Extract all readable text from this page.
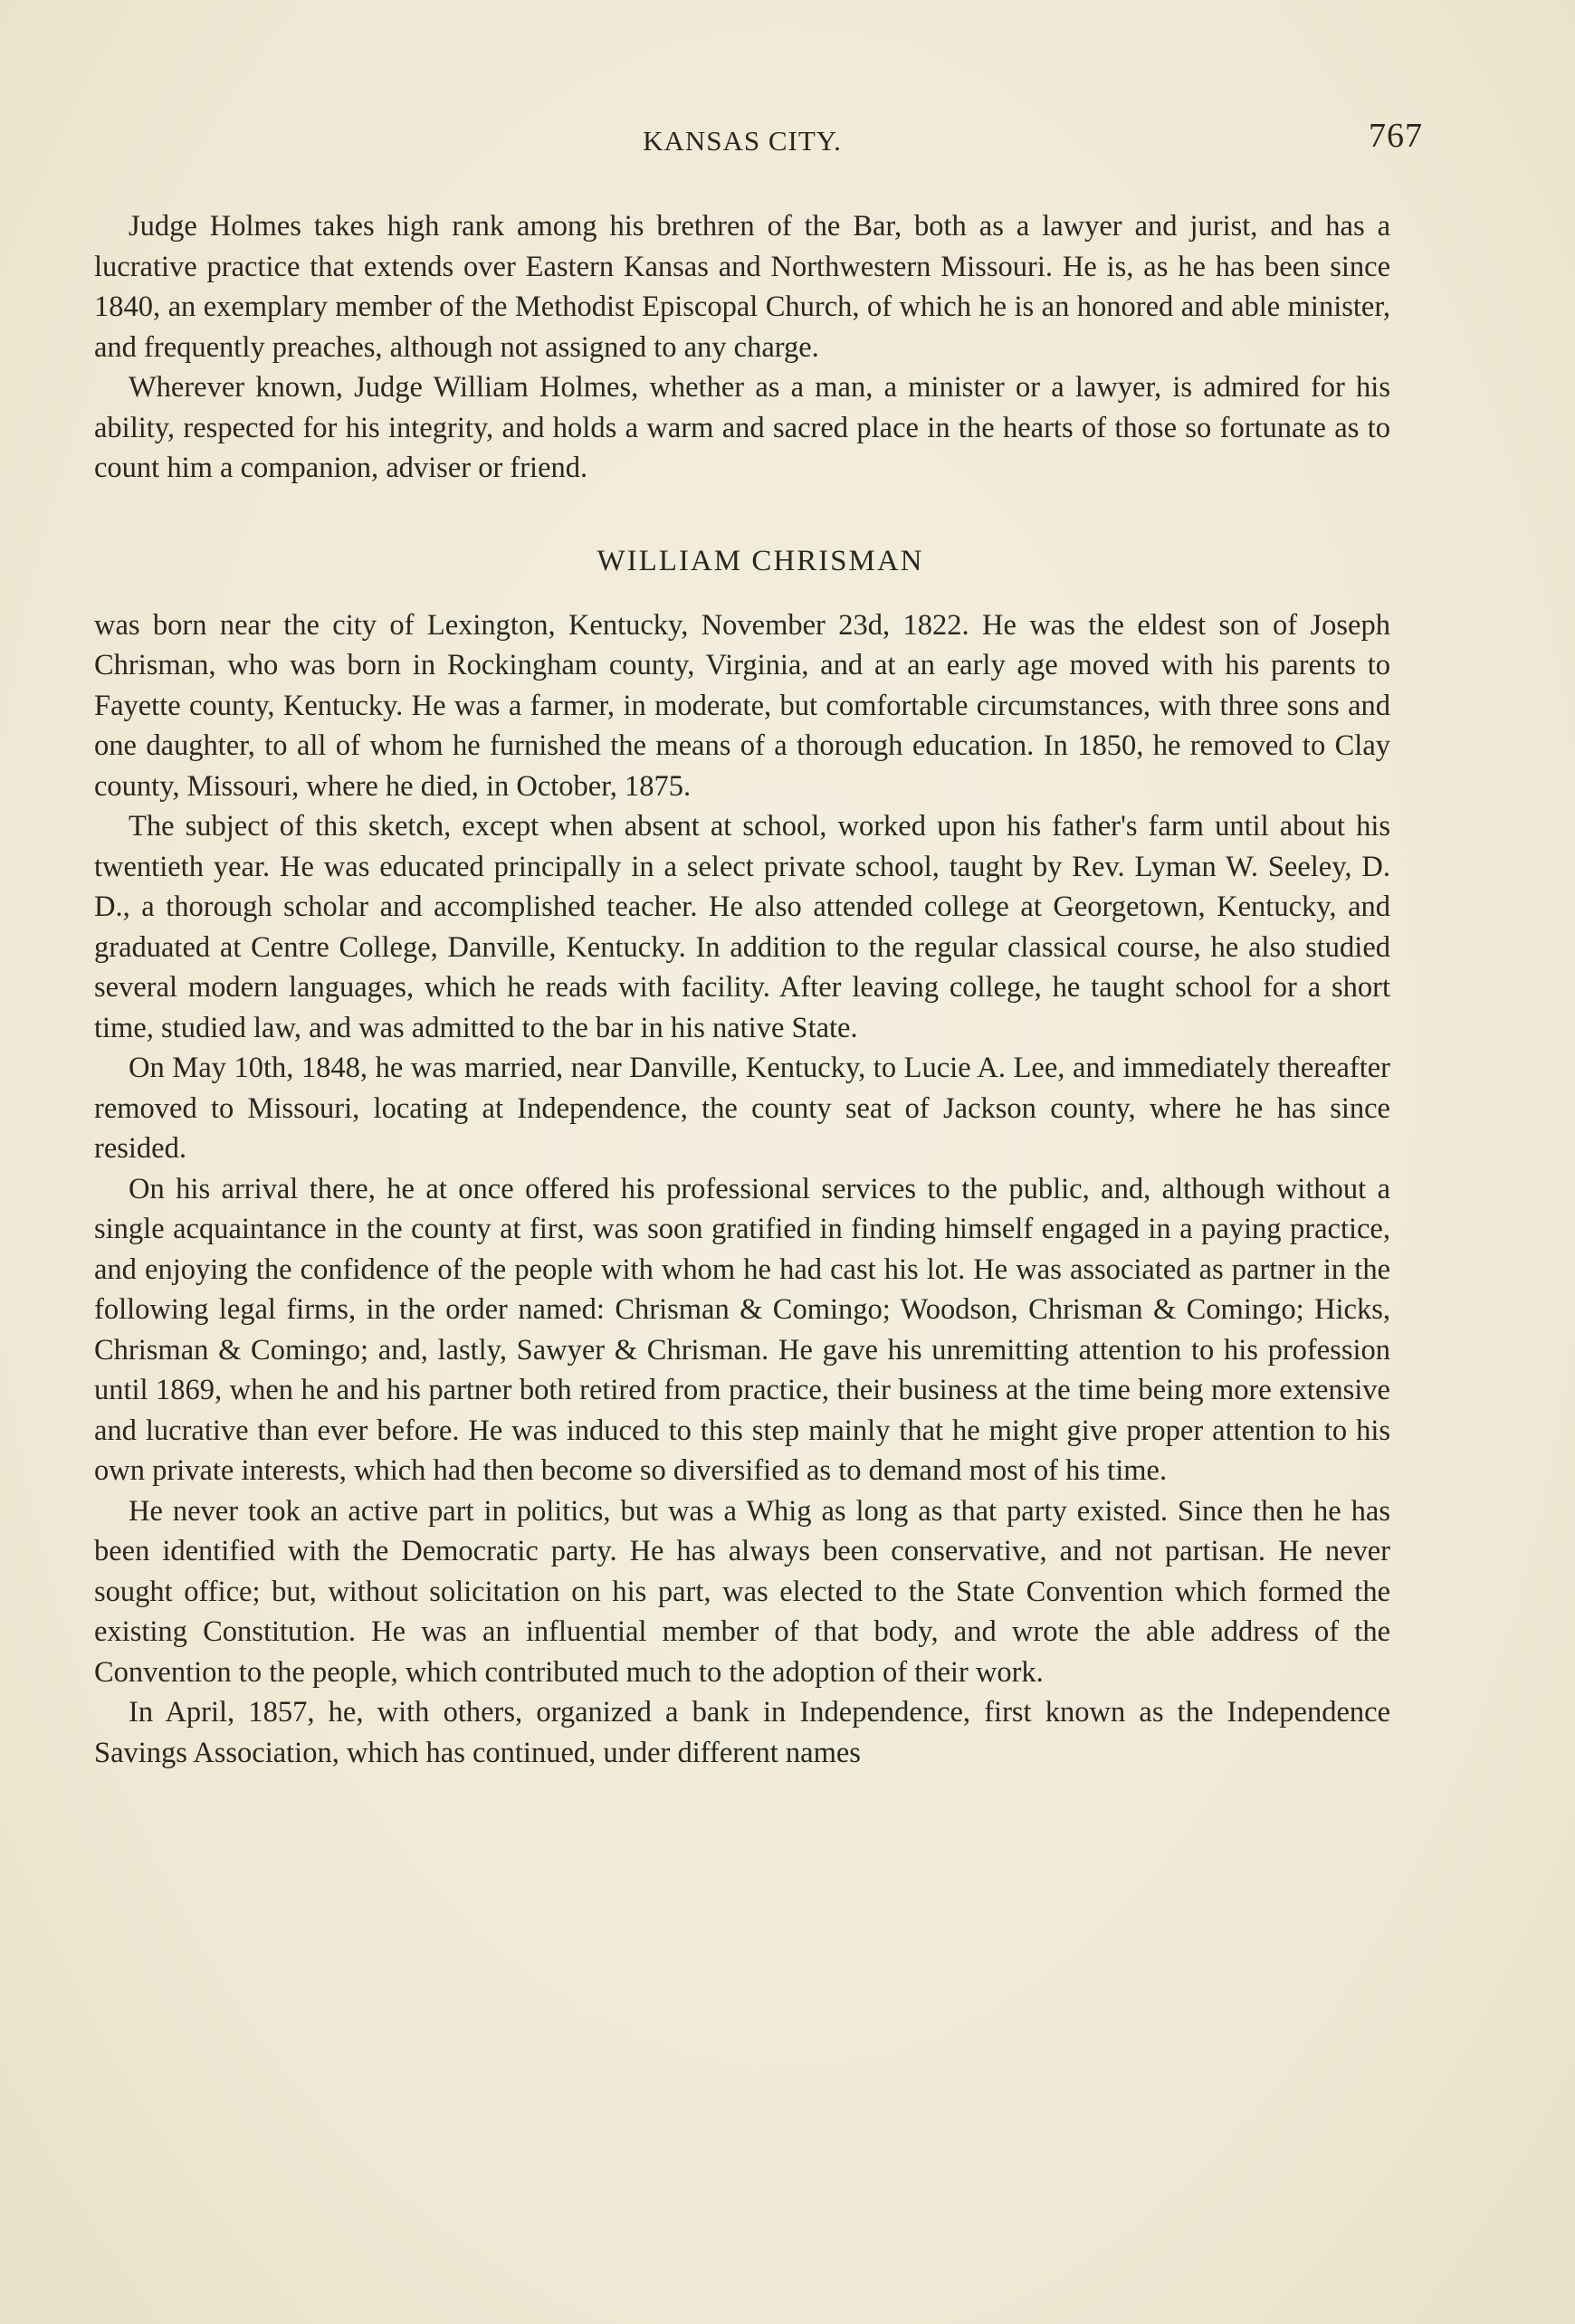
KANSAS CITY.	767

Judge Holmes takes high rank among his brethren of the Bar, both as a lawyer and jurist, and has a lucrative practice that extends over Eastern Kansas and Northwestern Missouri. He is, as he has been since 1840, an exemplary member of the Methodist Episcopal Church, of which he is an honored and able minister, and frequently preaches, although not assigned to any charge.

Wherever known, Judge William Holmes, whether as a man, a minister or a lawyer, is admired for his ability, respected for his integrity, and holds a warm and sacred place in the hearts of those so fortunate as to count him a companion, adviser or friend.

WILLIAM CHRISMAN

was born near the city of Lexington, Kentucky, November 23d, 1822. He was the eldest son of Joseph Chrisman, who was born in Rockingham county, Virginia, and at an early age moved with his parents to Fayette county, Kentucky. He was a farmer, in moderate, but comfortable circumstances, with three sons and one daughter, to all of whom he furnished the means of a thorough education. In 1850, he removed to Clay county, Missouri, where he died, in October, 1875.

The subject of this sketch, except when absent at school, worked upon his father's farm until about his twentieth year. He was educated principally in a select private school, taught by Rev. Lyman W. Seeley, D. D., a thorough scholar and accomplished teacher. He also attended college at Georgetown, Kentucky, and graduated at Centre College, Danville, Kentucky. In addition to the regular classical course, he also studied several modern languages, which he reads with facility. After leaving college, he taught school for a short time, studied law, and was admitted to the bar in his native State.

On May 10th, 1848, he was married, near Danville, Kentucky, to Lucie A. Lee, and immediately thereafter removed to Missouri, locating at Independence, the county seat of Jackson county, where he has since resided.

On his arrival there, he at once offered his professional services to the public, and, although without a single acquaintance in the county at first, was soon gratified in finding himself engaged in a paying practice, and enjoying the confidence of the people with whom he had cast his lot. He was associated as partner in the following legal firms, in the order named: Chrisman & Comingo; Woodson, Chrisman & Comingo; Hicks, Chrisman & Comingo; and, lastly, Sawyer & Chrisman. He gave his unremitting attention to his profession until 1869, when he and his partner both retired from practice, their business at the time being more extensive and lucrative than ever before. He was induced to this step mainly that he might give proper attention to his own private interests, which had then become so diversified as to demand most of his time.

He never took an active part in politics, but was a Whig as long as that party existed. Since then he has been identified with the Democratic party. He has always been conservative, and not partisan. He never sought office; but, without solicitation on his part, was elected to the State Convention which formed the existing Constitution. He was an influential member of that body, and wrote the able address of the Convention to the people, which contributed much to the adoption of their work.

In April, 1857, he, with others, organized a bank in Independence, first known as the Independence Savings Association, which has continued, under different names
